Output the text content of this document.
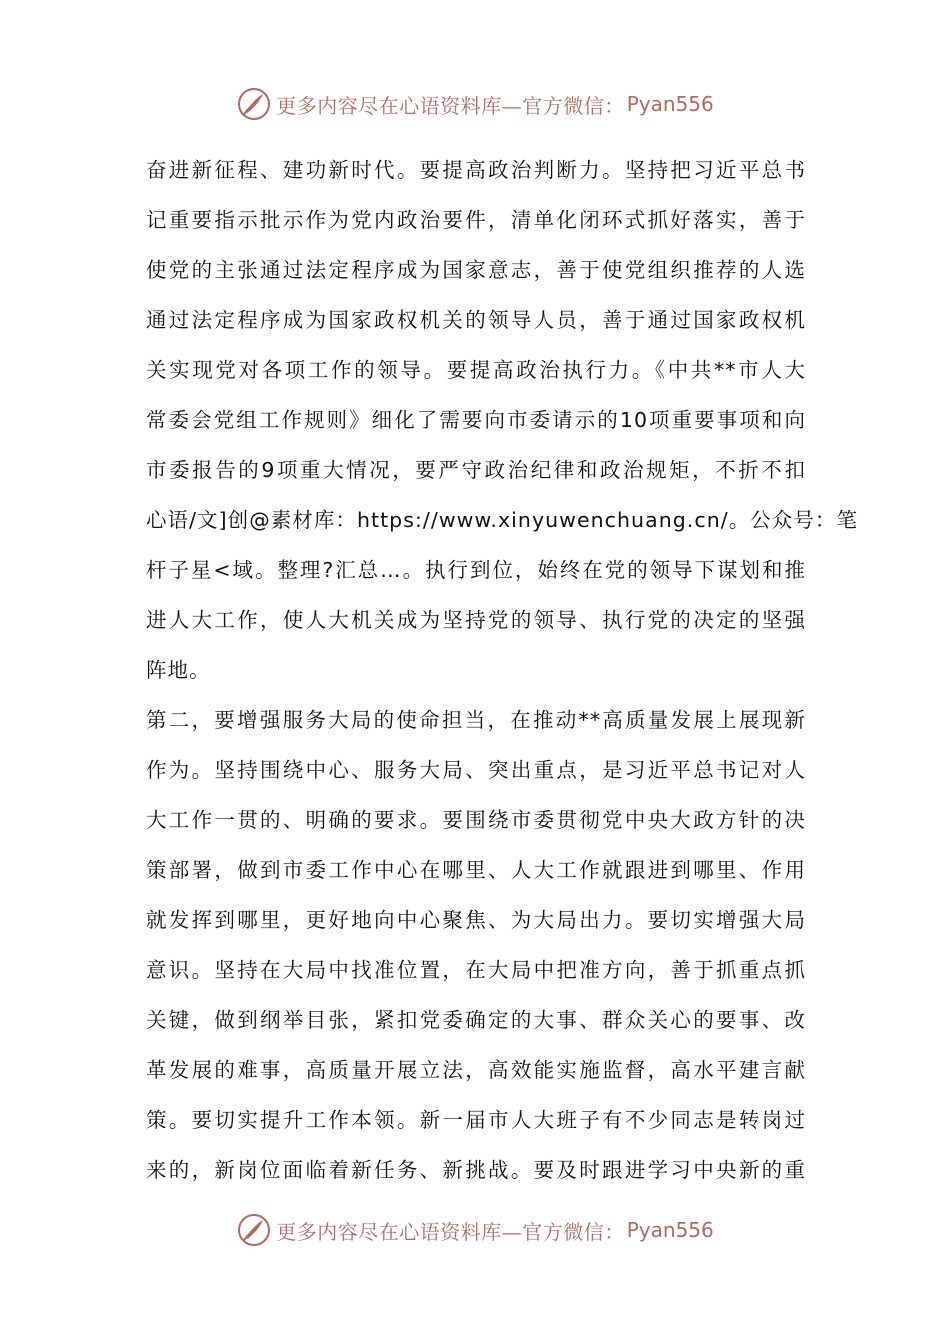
更多内容尽在心语资料库—官方微信： Pyan556
奋进新征程、建功新时代。要提高政治判断力。坚持把习近平总书
记重要指示批示作为党内政治要件，清单化闭环式抓好落实，善于
使党的主张通过法定程序成为国家意志，善于使党组织推荐的人选
通过法定程序成为国家政权机关的领导人员，善于通过国家政权机
关实现党对各项工作的领导。要提高政治执行力。《中共**市人大
常委会党组工作规则》细化了需要向市委请示的10项重要事项和向
市委报告的9项重大情况，要严守政治纪律和政治规矩，不折不扣
心语/文]创@素材库：https://www.xinyuwenchuang.cn/。公众号：笔
杆子星<域。整理?汇总…。执行到位，始终在党的领导下谋划和推
进人大工作，使人大机关成为坚持党的领导、执行党的决定的坚强
阵地。
第二，要增强服务大局的使命担当，在推动**高质量发展上展现新
作为。坚持围绕中心、服务大局、突出重点，是习近平总书记对人
大工作一贯的、明确的要求。要围绕市委贯彻党中央大政方针的决
策部署，做到市委工作中心在哪里、人大工作就跟进到哪里、作用
就发挥到哪里，更好地向中心聚焦、为大局出力。要切实增强大局
意识。坚持在大局中找准位置，在大局中把准方向，善于抓重点抓
关键，做到纲举目张，紧扣党委确定的大事、群众关心的要事、改
革发展的难事，高质量开展立法，高效能实施监督，高水平建言献
策。要切实提升工作本领。新一届市人大班子有不少同志是转岗过
来的，新岗位面临着新任务、新挑战。要及时跟进学习中央新的重
更多内容尽在心语资料库—官方微信： Pyan556
